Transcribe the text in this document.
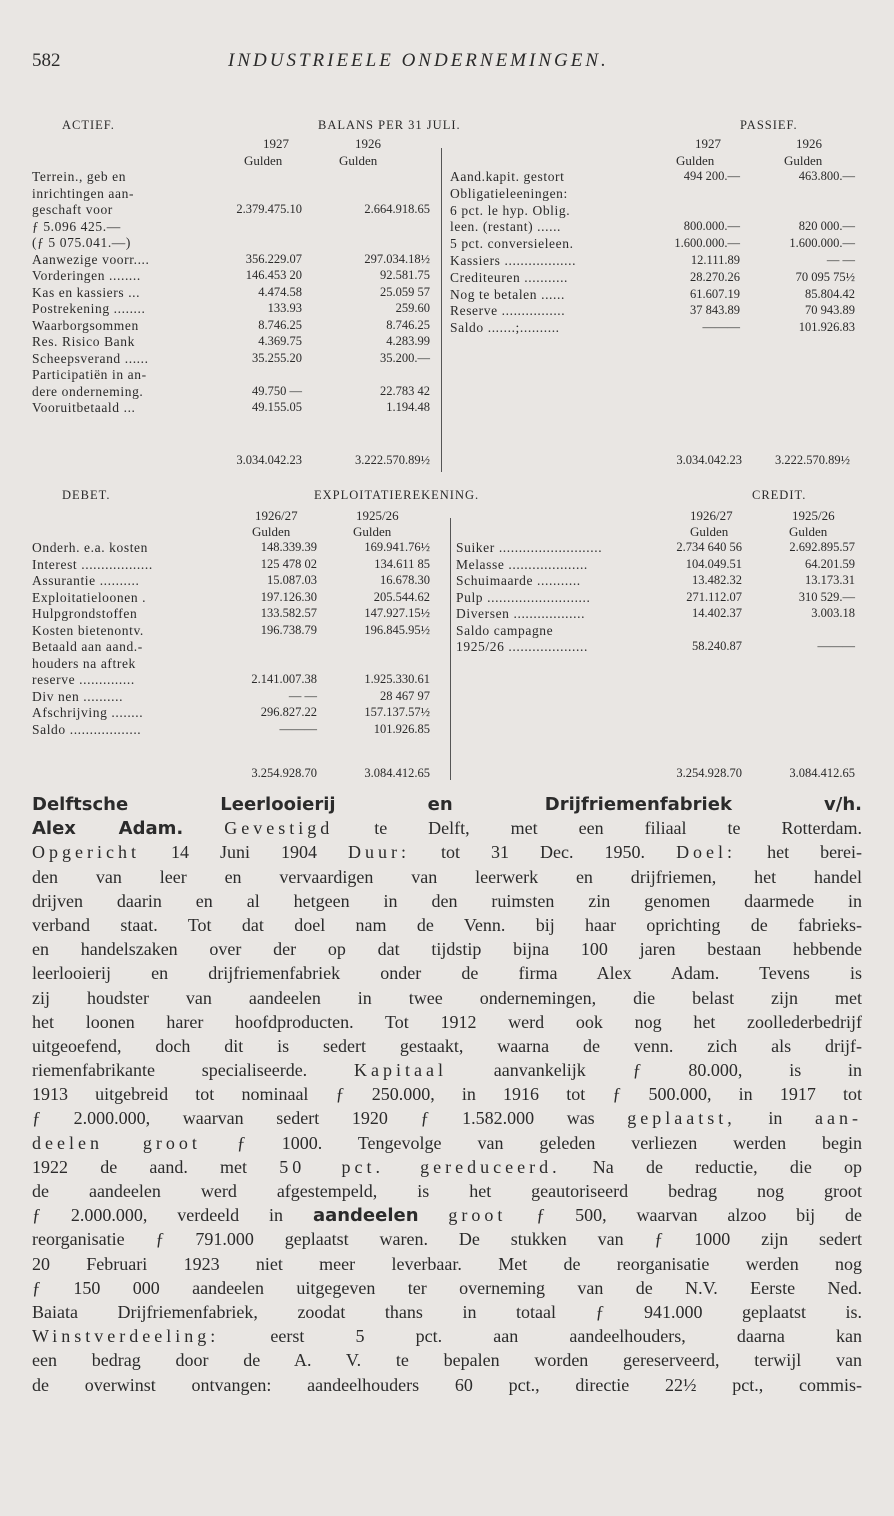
582	INDUSTRIEELE ONDERNEMINGEN.
ACTIEF.	BALANS PER 31 JULI.	PASSIEF.
1927	1926
Gulden	Gulden
1927	1926
Gulden	Gulden
Terrein., geb en
inrichtingen aan-
geschaft voor	2.379.475.10	2.664.918.65
ƒ 5.096 425.—
(ƒ 5 075.041.—)
Aanwezige voorr....	356.229.07	297.034.18½
Vorderingen ........	146.453 20	92.581.75
Kas en kassiers ...	4.474.58	25.059 57
Postrekening ........	133.93	259.60
Waarborgsommen	8.746.25	8.746.25
Res. Risico Bank	4.369.75	4.283.99
Scheepsverand ......	35.255.20	35.200.—
Participatiën in an-
dere onderneming.	49.750 —	22.783 42
Vooruitbetaald ...	49.155.05	1.194.48
Aand.kapit. gestort	494 200.—	463.800.—
Obligatieleeningen:
6 pct. le hyp. Oblig.
leen. (restant) ......	800.000.—	820 000.—
5 pct. conversieleen.	1.600.000.—	1.600.000.—
Kassiers ..................	12.111.89	— —
Crediteuren ...........	28.270.26	70 095 75½
Nog te betalen ......	61.607.19	85.804.42
Reserve ................	37 843.89	70 943.89
Saldo .......;..........	———	101.926.83
3.034.042.23	3.222.570.89½	3.034.042.23	3.222.570.89½
DEBET.	EXPLOITATIEREKENING.	CREDIT.
1926/27	1925/26
Gulden	Gulden
1926/27	1925/26
Gulden	Gulden
Onderh. e.a. kosten	148.339.39	169.941.76½
Interest ..................	125 478 02	134.611 85
Assurantie ..........	15.087.03	16.678.30
Exploitatieloonen .	197.126.30	205.544.62
Hulpgrondstoffen	133.582.57	147.927.15½
Kosten bietenontv.	196.738.79	196.845.95½
Betaald aan aand.-
houders na aftrek
reserve ..............	2.141.007.38	1.925.330.61
Div nen ..........	— —	28 467 97
Afschrijving ........	296.827.22	157.137.57½
Saldo ..................	———	101.926.85
Suiker ..........................	2.734 640 56	2.692.895.57
Melasse ....................	104.049.51	64.201.59
Schuimaarde ...........	13.482.32	13.173.31
Pulp ..........................	271.112.07	310 529.—
Diversen ..................	14.402.37	3.003.18
Saldo campagne
1925/26 ....................	58.240.87	———
3.254.928.70	3.084.412.65	3.254.928.70	3.084.412.65
Delftsche Leerlooierij en Drijfriemenfabriek v/h.
Alex Adam. Gevestigd te Delft, met een filiaal te Rotterdam.
Opgericht 14 Juni 1904 Duur: tot 31 Dec. 1950. Doel: het berei-
den van leer en vervaardigen van leerwerk en drijfriemen, het handel
drijven daarin en al hetgeen in den ruimsten zin genomen daarmede in
verband staat. Tot dat doel nam de Venn. bij haar oprichting de fabrieks-
en handelszaken over der op dat tijdstip bijna 100 jaren bestaan hebbende
leerlooierij en drijfriemenfabriek onder de firma Alex Adam. Tevens is
zij houdster van aandeelen in twee ondernemingen, die belast zijn met
het loonen harer hoofdproducten. Tot 1912 werd ook nog het zoollederbedrijf
uitgeoefend, doch dit is sedert gestaakt, waarna de venn. zich als drijf-
riemenfabrikante specialiseerde.	Kapitaal	aanvankelijk ƒ 80.000, is in
1913 uitgebreid tot nominaal ƒ 250.000, in 1916 tot ƒ 500.000, in 1917 tot
ƒ 2.000.000, waarvan sedert 1920 ƒ 1.582.000 was geplaatst, in aan-
deelen groot ƒ 1000. Tengevolge van geleden verliezen werden begin
1922 de aand. met 50 pct. gereduceerd. Na de reductie, die op
de aandeelen werd afgestempeld, is het geautoriseerd bedrag nog groot
ƒ 2.000.000, verdeeld in aandeelen groot ƒ 500, waarvan alzoo bij de
reorganisatie ƒ 791.000 geplaatst waren. De stukken van ƒ 1000 zijn sedert
20 Februari 1923 niet meer leverbaar. Met de reorganisatie werden nog
ƒ 150 000 aandeelen uitgegeven ter overneming van de N.V. Eerste Ned.
Baiata Drijfriemenfabriek, zoodat thans in totaal ƒ 941.000 geplaatst is.
Winstverdeeling:	eerst 5 pct. aan aandeelhouders, daarna kan
een bedrag door de A. V. te bepalen worden gereserveerd, terwijl van
de overwinst ontvangen: aandeelhouders 60 pct., directie 22½ pct., commis-
